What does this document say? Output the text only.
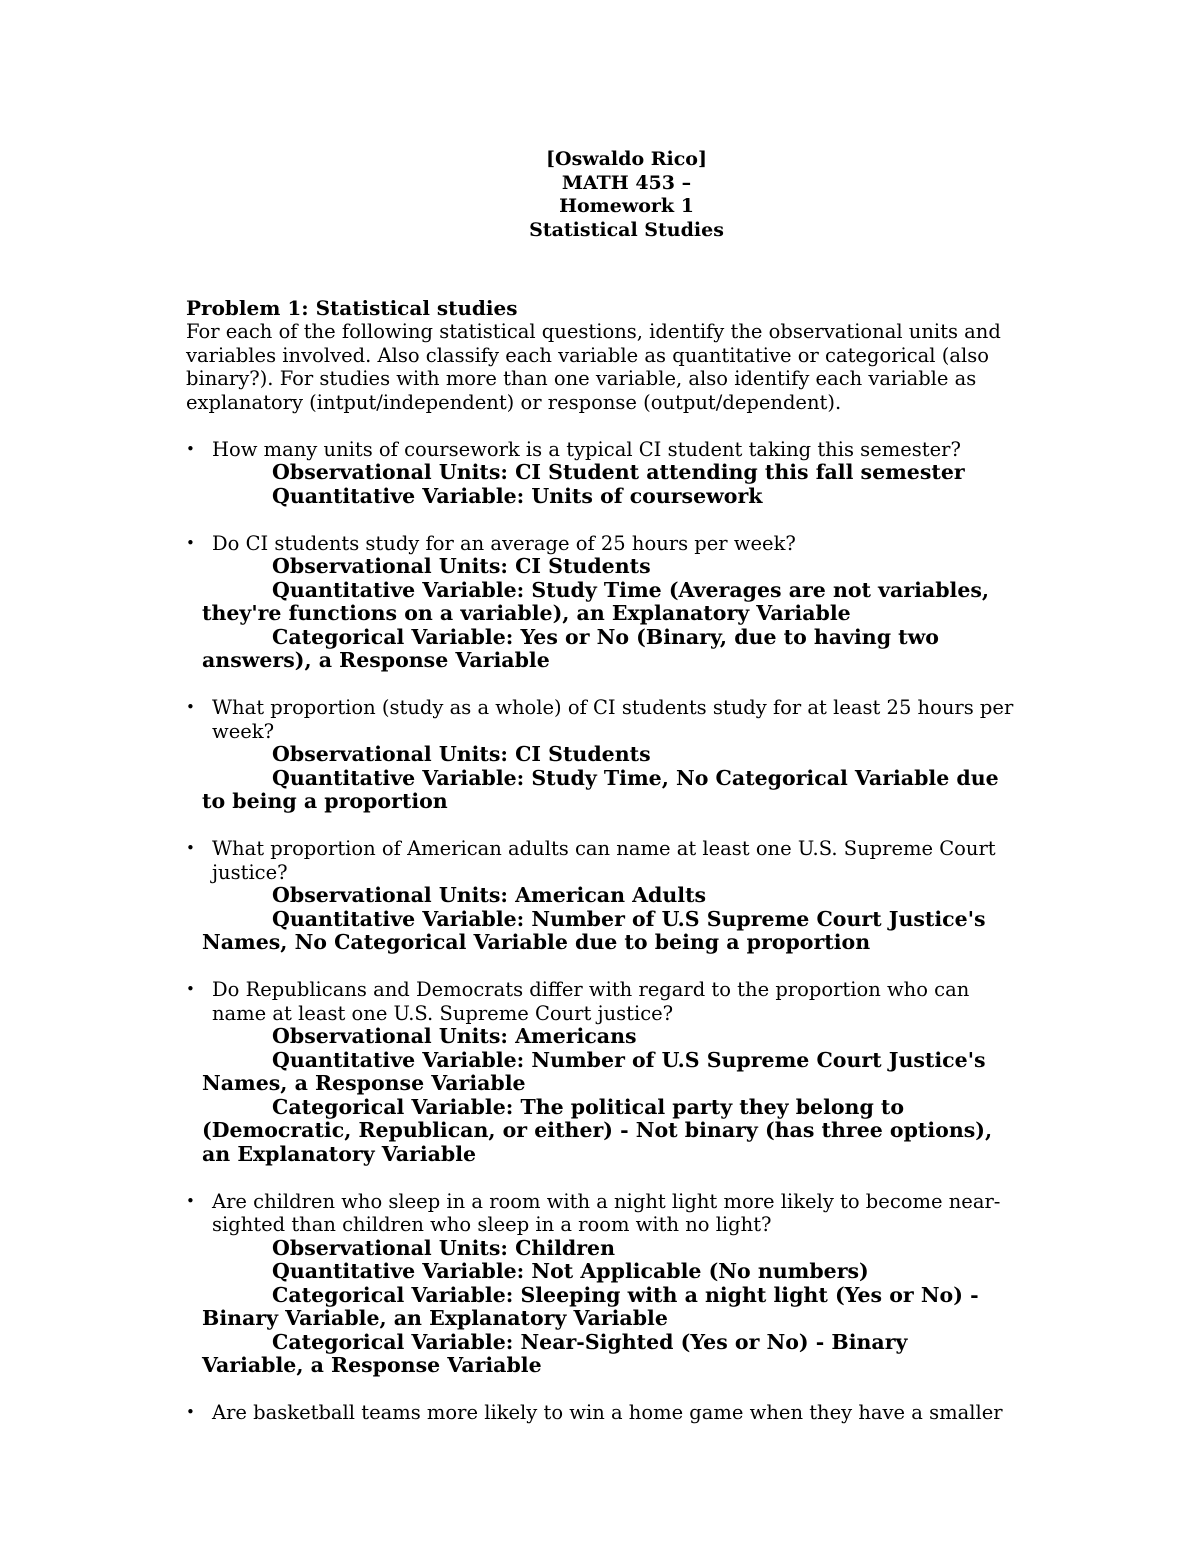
[Oswaldo Rico]
MATH 453 –
Homework 1
Statistical Studies
Problem 1: Statistical studies
For each of the following statistical questions, identify the observational units and variables involved. Also classify each variable as quantitative or categorical (also binary?). For studies with more than one variable, also identify each variable as explanatory (intput/independent) or response (output/dependent).
• How many units of coursework is a typical CI student taking this semester?
Observational Units: CI Student attending this fall semester
Quantitative Variable: Units of coursework
• Do CI students study for an average of 25 hours per week?
Observational Units: CI Students
Quantitative Variable: Study Time (Averages are not variables, they're functions on a variable), an Explanatory Variable
Categorical Variable: Yes or No (Binary, due to having two answers), a Response Variable
• What proportion (study as a whole) of CI students study for at least 25 hours per week?
Observational Units: CI Students
Quantitative Variable: Study Time, No Categorical Variable due to being a proportion
• What proportion of American adults can name at least one U.S. Supreme Court justice?
Observational Units: American Adults
Quantitative Variable: Number of U.S Supreme Court Justice's Names, No Categorical Variable due to being a proportion
• Do Republicans and Democrats differ with regard to the proportion who can name at least one U.S. Supreme Court justice?
Observational Units: Americans
Quantitative Variable: Number of U.S Supreme Court Justice's Names, a Response Variable
Categorical Variable: The political party they belong to (Democratic, Republican, or either) - Not binary (has three options), an Explanatory Variable
• Are children who sleep in a room with a night light more likely to become near-sighted than children who sleep in a room with no light?
Observational Units: Children
Quantitative Variable: Not Applicable (No numbers)
Categorical Variable: Sleeping with a night light (Yes or No) - Binary Variable, an Explanatory Variable
Categorical Variable: Near-Sighted (Yes or No) - Binary Variable, a Response Variable
• Are basketball teams more likely to win a home game when they have a smaller
